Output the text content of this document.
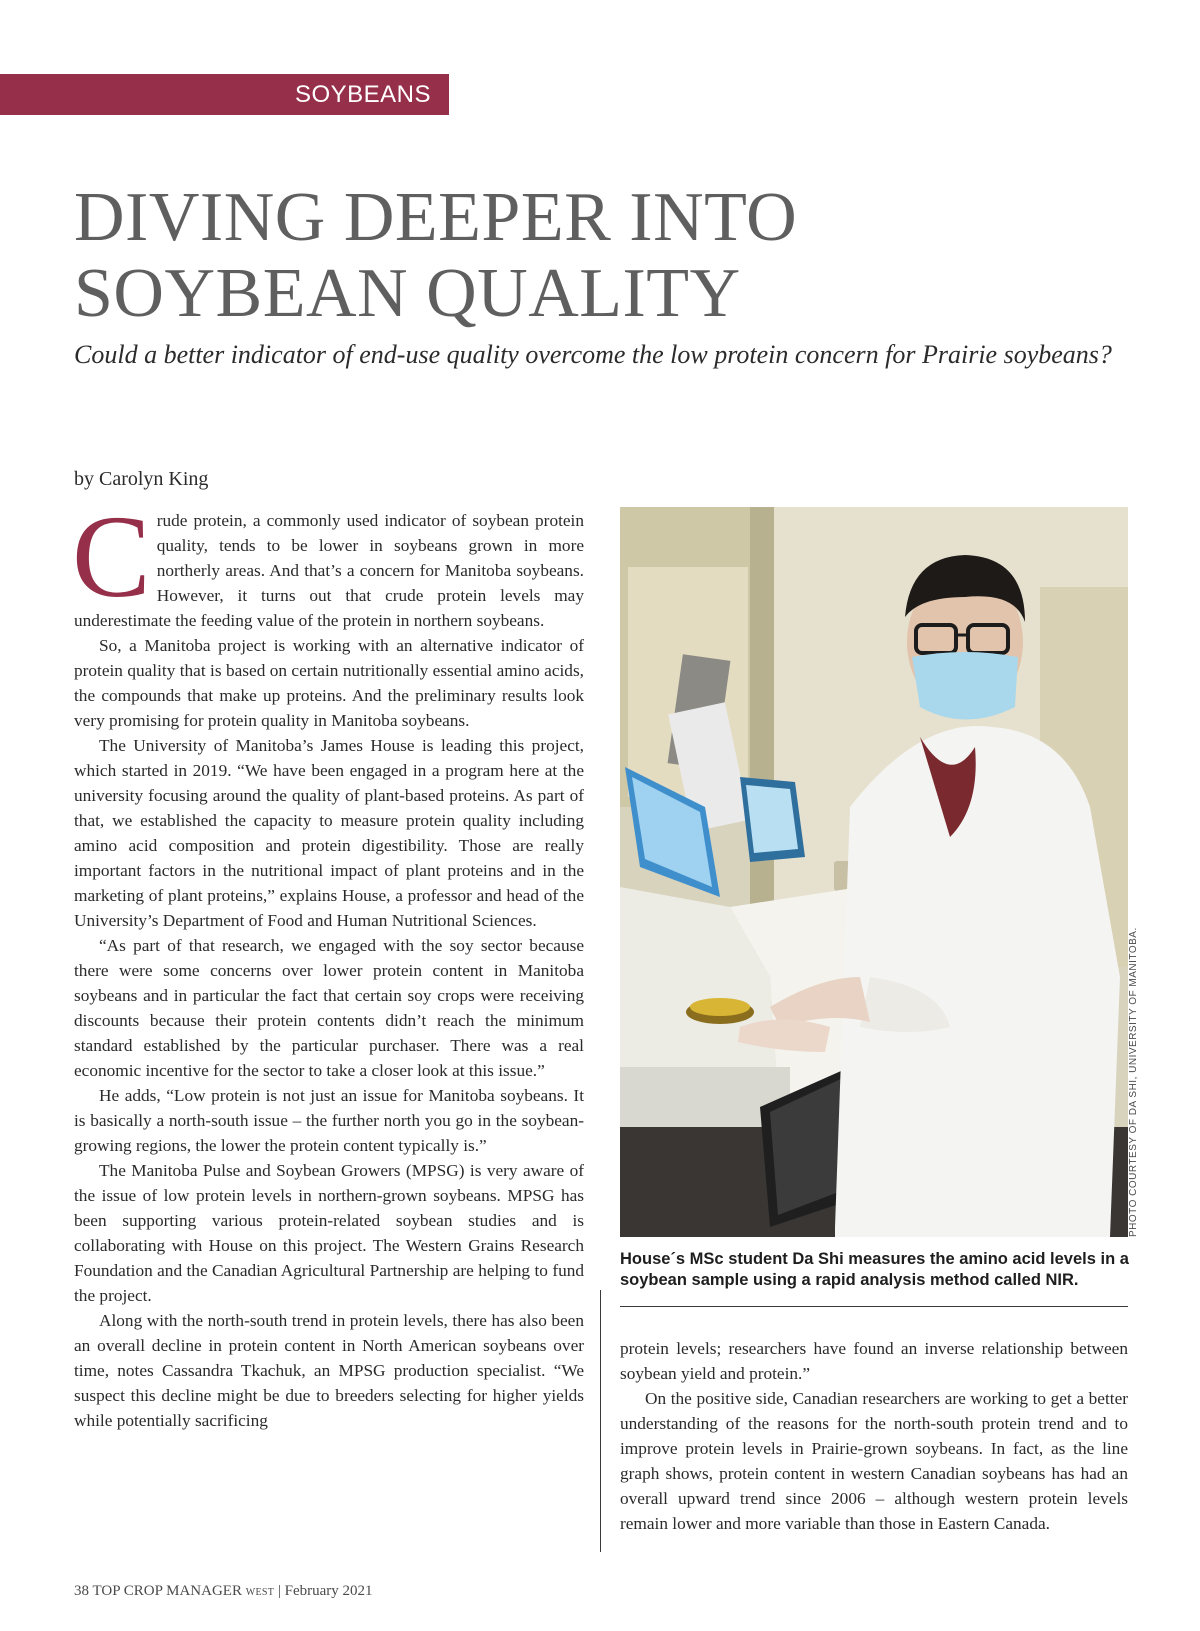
SOYBEANS
DIVING DEEPER INTO
SOYBEAN QUALITY
Could a better indicator of end-use quality overcome the low protein concern for Prairie soybeans?
by Carolyn King

Crude protein, a commonly used indicator of soybean protein quality, tends to be lower in soybeans grown in more northerly areas. And that’s a concern for Manitoba soybeans. However, it turns out that crude protein levels may underestimate the feeding value of the protein in northern soybeans.

So, a Manitoba project is working with an alternative indicator of protein quality that is based on certain nutritionally essential amino acids, the compounds that make up proteins. And the preliminary results look very promising for protein quality in Manitoba soybeans.

The University of Manitoba’s James House is leading this project, which started in 2019. “We have been engaged in a program here at the university focusing around the quality of plant-based proteins. As part of that, we established the capacity to measure protein quality including amino acid composition and protein digestibility. Those are really important factors in the nutritional impact of plant proteins and in the marketing of plant proteins,” explains House, a professor and head of the University’s Department of Food and Human Nutritional Sciences.

“As part of that research, we engaged with the soy sector because there were some concerns over lower protein content in Manitoba soybeans and in particular the fact that certain soy crops were receiving discounts because their protein contents didn’t reach the minimum standard established by the particular purchaser. There was a real economic incentive for the sector to take a closer look at this issue.”

He adds, “Low protein is not just an issue for Manitoba soybeans. It is basically a north-south issue – the further north you go in the soybean-growing regions, the lower the protein content typically is.”

The Manitoba Pulse and Soybean Growers (MPSG) is very aware of the issue of low protein levels in northern-grown soybeans. MPSG has been supporting various protein-related soybean studies and is collaborating with House on this project. The Western Grains Research Foundation and the Canadian Agricultural Partnership are helping to fund the project.

Along with the north-south trend in protein levels, there has also been an overall decline in protein content in North American soybeans over time, notes Cassandra Tkachuk, an MPSG production specialist. “We suspect this decline might be due to breeders selecting for higher yields while potentially sacrificing

PHOTO COURTESY OF DA SHI, UNIVERSITY OF MANITOBA.
House´s MSc student Da Shi measures the amino acid levels in a soybean sample using a rapid analysis method called NIR.

protein levels; researchers have found an inverse relationship between soybean yield and protein.”

On the positive side, Canadian researchers are working to get a better understanding of the reasons for the north-south protein trend and to improve protein levels in Prairie-grown soybeans. In fact, as the line graph shows, protein content in western Canadian soybeans has had an overall upward trend since 2006 – although western protein levels remain lower and more variable than those in Eastern Canada.

38 TOP CROP MANAGER WEST | February 2021
